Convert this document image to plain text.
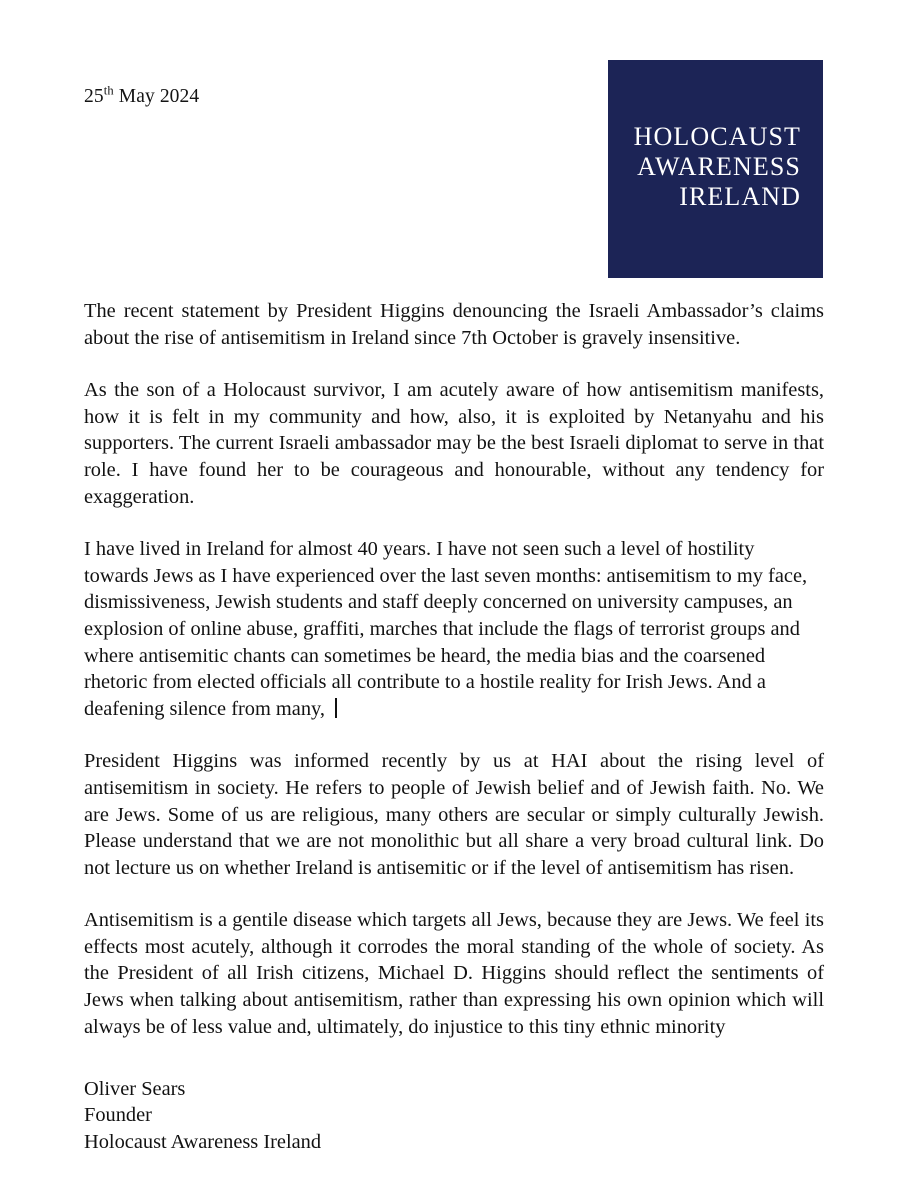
25th May 2024
HOLOCAUST
AWARENESS
IRELAND

The recent statement by President Higgins denouncing the Israeli Ambassador’s claims about the rise of antisemitism in Ireland since 7th October is gravely insensitive.

As the son of a Holocaust survivor, I am acutely aware of how antisemitism manifests, how it is felt in my community and how, also, it is exploited by Netanyahu and his supporters. The current Israeli ambassador may be the best Israeli diplomat to serve in that role. I have found her to be courageous and honourable, without any tendency for exaggeration.

I have lived in Ireland for almost 40 years. I have not seen such a level of hostility towards Jews as I have experienced over the last seven months: antisemitism to my face, dismissiveness, Jewish students and staff deeply concerned on university campuses, an explosion of online abuse, graffiti, marches that include the flags of terrorist groups and where antisemitic chants can sometimes be heard, the media bias and the coarsened rhetoric from elected officials all contribute to a hostile reality for Irish Jews. And a deafening silence from many,

President Higgins was informed recently by us at HAI about the rising level of antisemitism in society. He refers to people of Jewish belief and of Jewish faith. No. We are Jews. Some of us are religious, many others are secular or simply culturally Jewish. Please understand that we are not monolithic but all share a very broad cultural link. Do not lecture us on whether Ireland is antisemitic or if the level of antisemitism has risen.

Antisemitism is a gentile disease which targets all Jews, because they are Jews. We feel its effects most acutely, although it corrodes the moral standing of the whole of society. As the President of all Irish citizens, Michael D. Higgins should reflect the sentiments of Jews when talking about antisemitism, rather than expressing his own opinion which will always be of less value and, ultimately, do injustice to this tiny ethnic minority

Oliver Sears
Founder
Holocaust Awareness Ireland
